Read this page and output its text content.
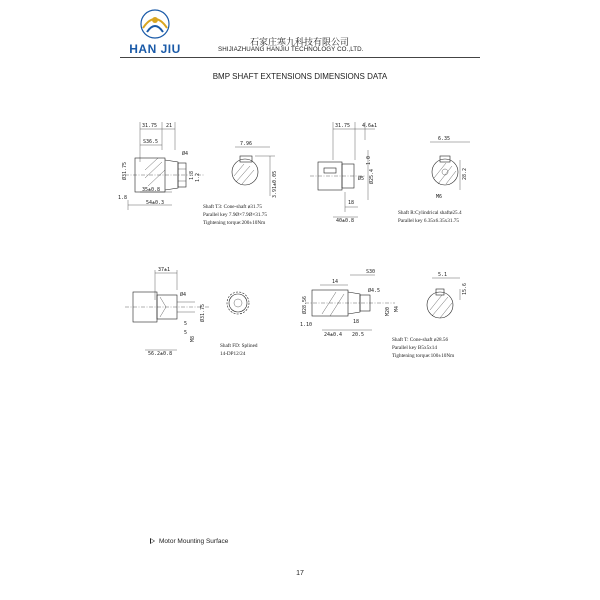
HAN JIU	石家庄寒九科技有限公司
SHIJIAZHUANG HANJIU TECHNOLOGY CO.,LTD.
BMP SHAFT EXTENSIONS DIMENSIONS DATA
31.75 21
S36.5
Ø4
Ø31.75	1:8 1.2
35±0.8
1.8
54±0.3
7.96
3.91±0.05
31.75 4.6±1
Ø25.4
Ø5
1.0
18
40±0.8
6.35
28.2
M6
37±1
Ø31.75
Ø4
5
5
M8
56.2±0.8
14
S30
Ø4.5
Ø28.56	M20 M4
1.10	18
24±0.4 20.5
5.1
15.6
Shaft T3: Cone-shaft ø31.75
Parallel key 7.9Ø×7.9Ø×31.75
Tightening torque:200±10Nm
Shaft R:Cylindrical shaftø25.4
Parallel key 6.35x6.35x31.75
Shaft FD: Splined
14-DP12/24
Shaft T: Cone-shaft ø28.56
Parallel key B5x5x14
Tightening torque:100±10Nm
Motor Mounting Surface
17
